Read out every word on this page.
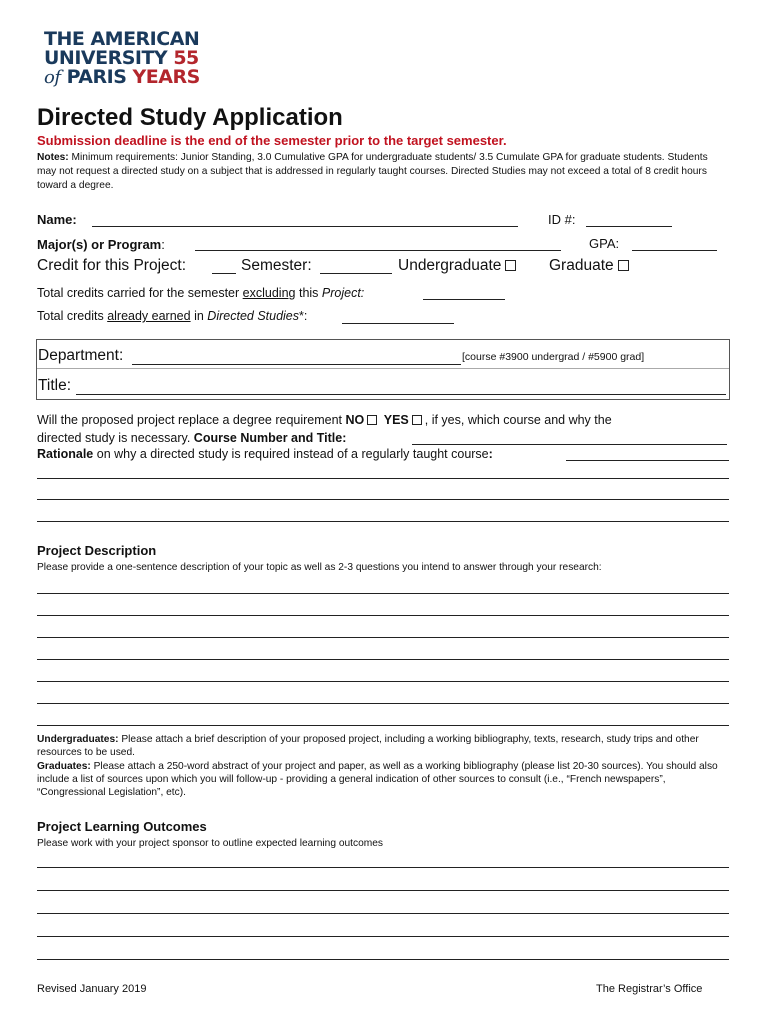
THE AMERICAN
UNIVERSITY 55
of PARIS YEARS
Directed Study Application
Submission deadline is the end of the semester prior to the target semester.
Notes: Minimum requirements: Junior Standing, 3.0 Cumulative GPA for undergraduate students/ 3.5 Cumulate GPA for graduate students. Students may not request a directed study on a subject that is addressed in regularly taught courses. Directed Studies may not exceed a total of 8 credit hours toward a degree.
Name:	ID #:
Major(s) or Program:	GPA:
Credit for this Project:	Semester:	Undergraduate	Graduate
Total credits carried for the semester excluding this Project:
Total credits already earned in Directed Studies*:
Department:	[course #3900 undergrad / #5900 grad]
Title:
Will the proposed project replace a degree requirement NO YES , if yes, which course and why the
directed study is necessary. Course Number and Title:
Rationale on why a directed study is required instead of a regularly taught course:
Project Description
Please provide a one-sentence description of your topic as well as 2-3 questions you intend to answer through your research:
Undergraduates: Please attach a brief description of your proposed project, including a working bibliography, texts, research, study trips and other resources to be used.
Graduates: Please attach a 250-word abstract of your project and paper, as well as a working bibliography (please list 20-30 sources). You should also include a list of sources upon which you will follow-up - providing a general indication of other sources to consult (i.e., “French newspapers”, “Congressional Legislation”, etc).
Project Learning Outcomes
Please work with your project sponsor to outline expected learning outcomes
Revised January 2019	The Registrar’s Office
